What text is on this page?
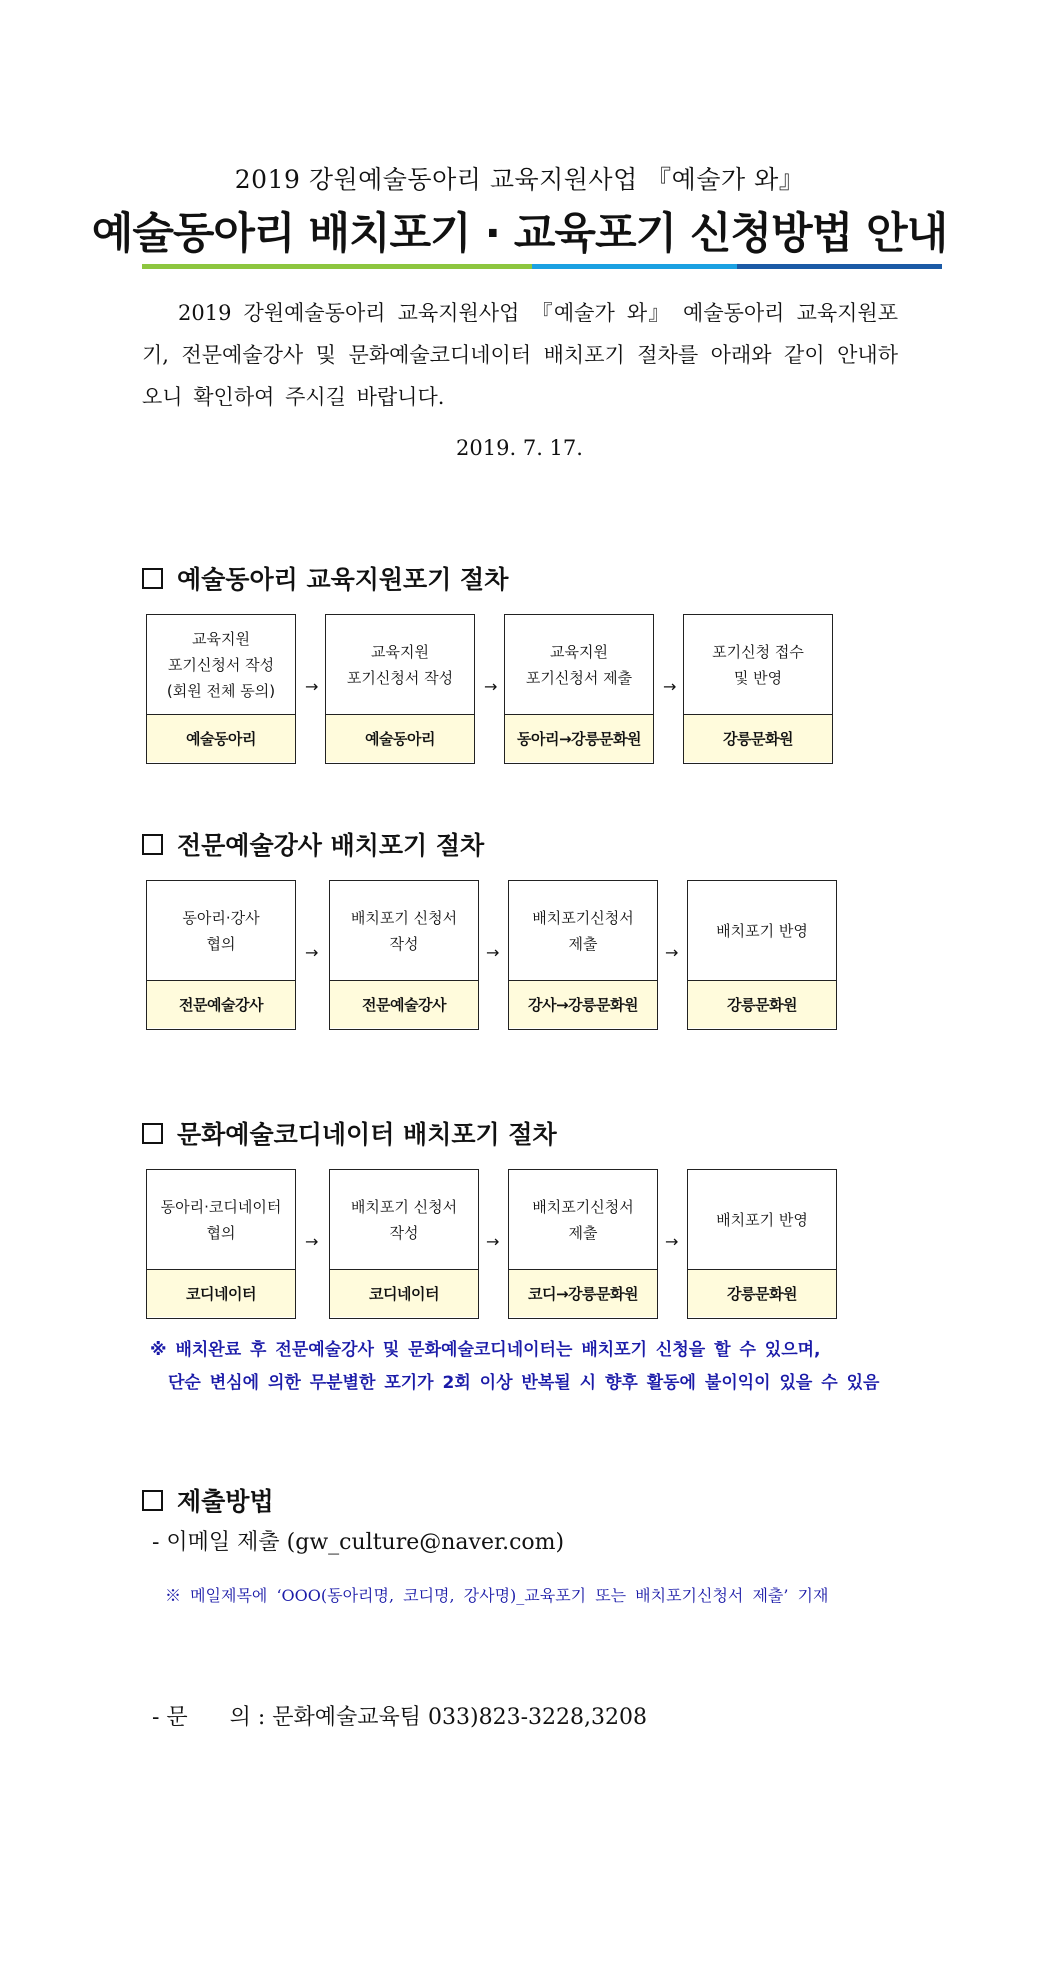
2019 강원예술동아리 교육지원사업 『예술가 와』
예술동아리 배치포기 · 교육포기 신청방법 안내
2019 강원예술동아리 교육지원사업 『예술가 와』 예술동아리 교육지원포기, 전문예술강사 및 문화예술코디네이터 배치포기 절차를 아래와 같이 안내하오니 확인하여 주시길 바랍니다.
2019. 7. 17.
예술동아리 교육지원포기 절차
교육지원
포기신청서 작성
(회원 전체 동의)
예술동아리
→
교육지원
포기신청서 작성
예술동아리
→
교육지원
포기신청서 제출
동아리→강릉문화원
→
포기신청 접수
및 반영
강릉문화원
전문예술강사 배치포기 절차
동아리·강사
협의
전문예술강사
→
배치포기 신청서
작성
전문예술강사
→
배치포기신청서
제출
강사→강릉문화원
→
배치포기 반영
강릉문화원
문화예술코디네이터 배치포기 절차
동아리·코디네이터
협의
코디네이터
→
배치포기 신청서
작성
코디네이터
→
배치포기신청서
제출
코디→강릉문화원
→
배치포기 반영
강릉문화원
※ 배치완료 후 전문예술강사 및 문화예술코디네이터는 배치포기 신청을 할 수 있으며,
단순 변심에 의한 무분별한 포기가 2회 이상 반복될 시 향후 활동에 불이익이 있을 수 있음
제출방법
- 이메일 제출 (gw_culture@naver.com)
※ 메일제목에 ‘OOO(동아리명, 코디명, 강사명)_교육포기 또는 배치포기신청서 제출’ 기재
- 문      의 : 문화예술교육팀 033)823-3228,3208
